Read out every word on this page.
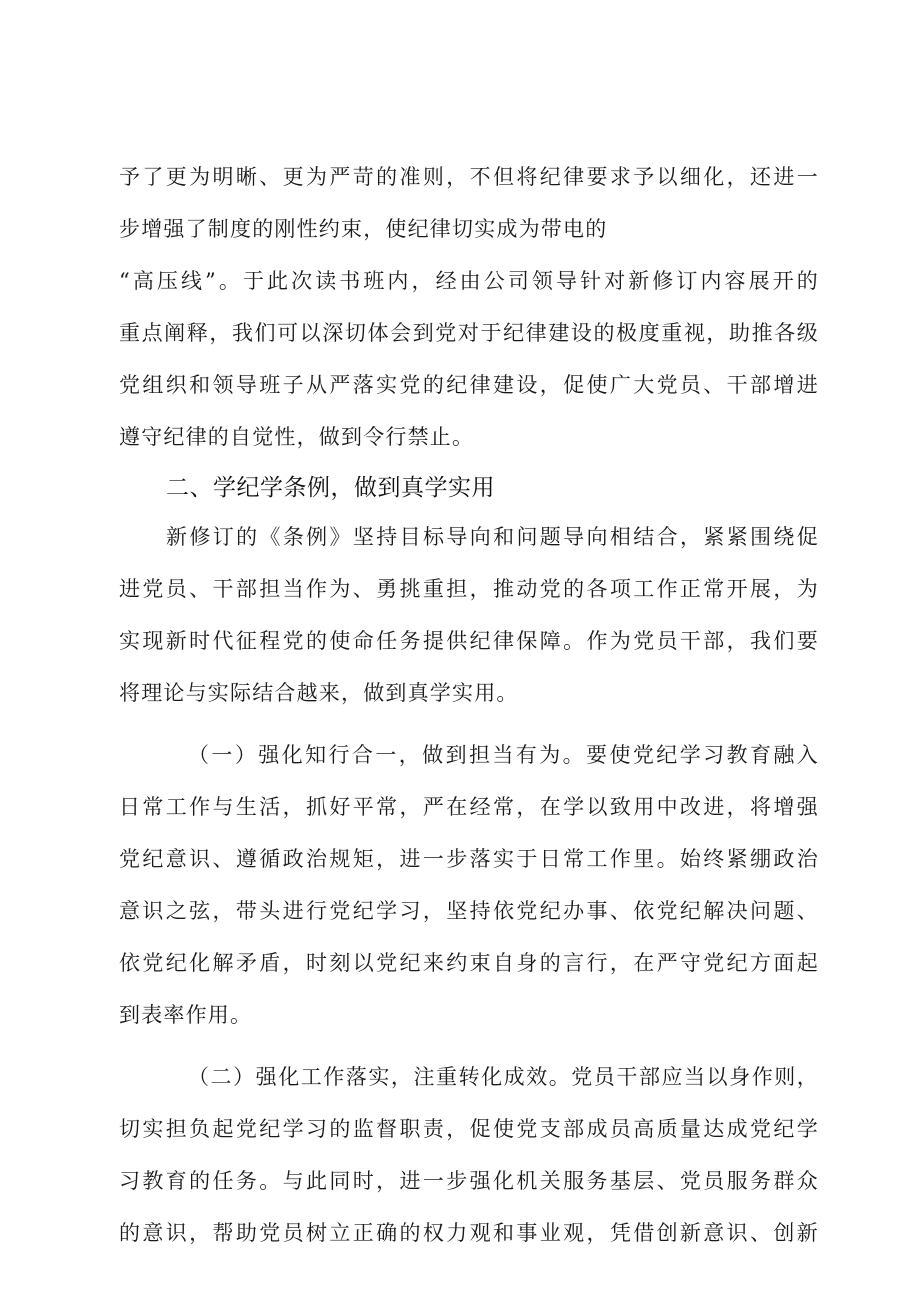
予了更为明晰、更为严苛的准则，不但将纪律要求予以细化，还进一
步增强了制度的刚性约束，使纪律切实成为带电的
“高压线”。于此次读书班内，经由公司领导针对新修订内容展开的
重点阐释，我们可以深切体会到党对于纪律建设的极度重视，助推各级
党组织和领导班子从严落实党的纪律建设，促使广大党员、干部增进
遵守纪律的自觉性，做到令行禁止。
二、学纪学条例，做到真学实用
新修订的《条例》坚持目标导向和问题导向相结合，紧紧围绕促
进党员、干部担当作为、勇挑重担，推动党的各项工作正常开展，为
实现新时代征程党的使命任务提供纪律保障。作为党员干部，我们要
将理论与实际结合越来，做到真学实用。
（一）强化知行合一，做到担当有为。要使党纪学习教育融入
日常工作与生活，抓好平常，严在经常，在学以致用中改进，将增强
党纪意识、遵循政治规矩，进一步落实于日常工作里。始终紧绷政治
意识之弦，带头进行党纪学习，坚持依党纪办事、依党纪解决问题、
依党纪化解矛盾，时刻以党纪来约束自身的言行，在严守党纪方面起
到表率作用。
（二）强化工作落实，注重转化成效。党员干部应当以身作则，
切实担负起党纪学习的监督职责，促使党支部成员高质量达成党纪学
习教育的任务。与此同时，进一步强化机关服务基层、党员服务群众
的意识，帮助党员树立正确的权力观和事业观，凭借创新意识、创新
